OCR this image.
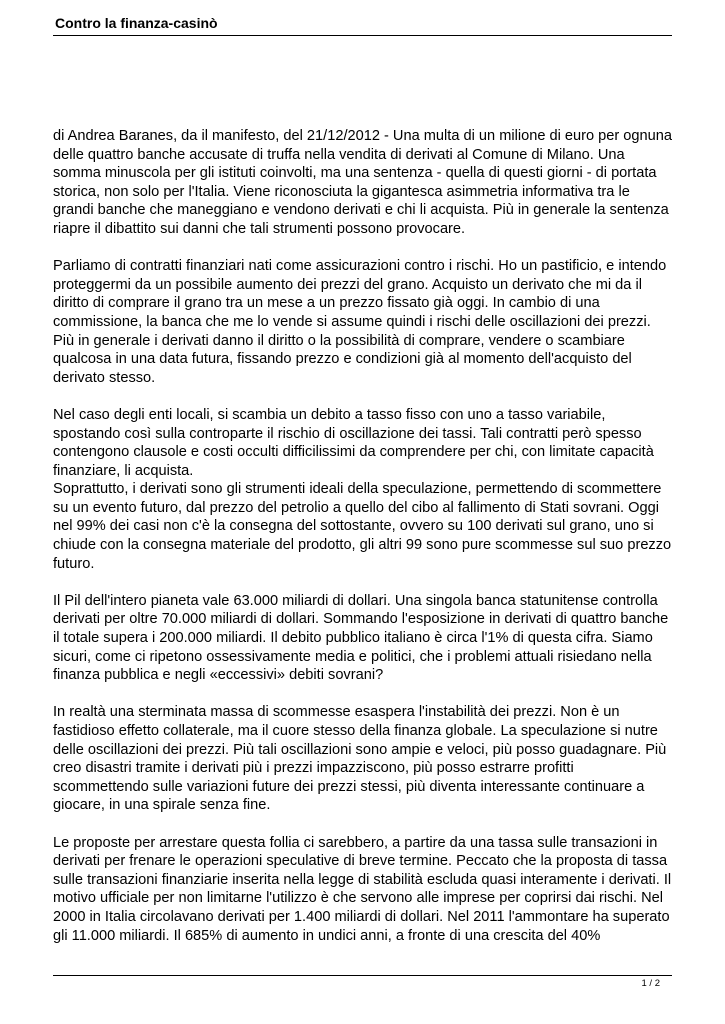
Contro la finanza-casinò

di Andrea Baranes, da il manifesto, del 21/12/2012 - Una multa di un milione di euro per ognuna
delle quattro banche accusate di truffa nella vendita di derivati al Comune di Milano. Una
somma minuscola per gli istituti coinvolti, ma una sentenza - quella di questi giorni - di portata
storica, non solo per l'Italia. Viene riconosciuta la gigantesca asimmetria informativa tra le
grandi banche che maneggiano e vendono derivati e chi li acquista. Più in generale la sentenza
riapre il dibattito sui danni che tali strumenti possono provocare.

Parliamo di contratti finanziari nati come assicurazioni contro i rischi. Ho un pastificio, e intendo
proteggermi da un possibile aumento dei prezzi del grano. Acquisto un derivato che mi da il
diritto di comprare il grano tra un mese a un prezzo fissato già oggi. In cambio di una
commissione, la banca che me lo vende si assume quindi i rischi delle oscillazioni dei prezzi.
Più in generale i derivati danno il diritto o la possibilità di comprare, vendere o scambiare
qualcosa in una data futura, fissando prezzo e condizioni già al momento dell'acquisto del
derivato stesso.

Nel caso degli enti locali, si scambia un debito a tasso fisso con uno a tasso variabile,
spostando così sulla controparte il rischio di oscillazione dei tassi. Tali contratti però spesso
contengono clausole e costi occulti difficilissimi da comprendere per chi, con limitate capacità
finanziare, li acquista.

Soprattutto, i derivati sono gli strumenti ideali della speculazione, permettendo di scommettere
su un evento futuro, dal prezzo del petrolio a quello del cibo al fallimento di Stati sovrani. Oggi
nel 99% dei casi non c'è la consegna del sottostante, ovvero su 100 derivati sul grano, uno si
chiude con la consegna materiale del prodotto, gli altri 99 sono pure scommesse sul suo prezzo
futuro.

Il Pil dell'intero pianeta vale 63.000 miliardi di dollari. Una singola banca statunitense controlla
derivati per oltre 70.000 miliardi di dollari. Sommando l'esposizione in derivati di quattro banche
il totale supera i 200.000 miliardi. Il debito pubblico italiano è circa l'1% di questa cifra. Siamo
sicuri, come ci ripetono ossessivamente media e politici, che i problemi attuali risiedano nella
finanza pubblica e negli «eccessivi» debiti sovrani?

In realtà una sterminata massa di scommesse esaspera l'instabilità dei prezzi. Non è un
fastidioso effetto collaterale, ma il cuore stesso della finanza globale. La speculazione si nutre
delle oscillazioni dei prezzi. Più tali oscillazioni sono ampie e veloci, più posso guadagnare. Più
creo disastri tramite i derivati più i prezzi impazziscono, più posso estrarre profitti
scommettendo sulle variazioni future dei prezzi stessi, più diventa interessante continuare a
giocare, in una spirale senza fine.

Le proposte per arrestare questa follia ci sarebbero, a partire da una tassa sulle transazioni in
derivati per frenare le operazioni speculative di breve termine. Peccato che la proposta di tassa
sulle transazioni finanziarie inserita nella legge di stabilità escluda quasi interamente i derivati. Il
motivo ufficiale per non limitarne l'utilizzo è che servono alle imprese per coprirsi dai rischi. Nel
2000 in Italia circolavano derivati per 1.400 miliardi di dollari. Nel 2011 l'ammontare ha superato
gli 11.000 miliardi. Il 685% di aumento in undici anni, a fronte di una crescita del 40%

1 / 2
